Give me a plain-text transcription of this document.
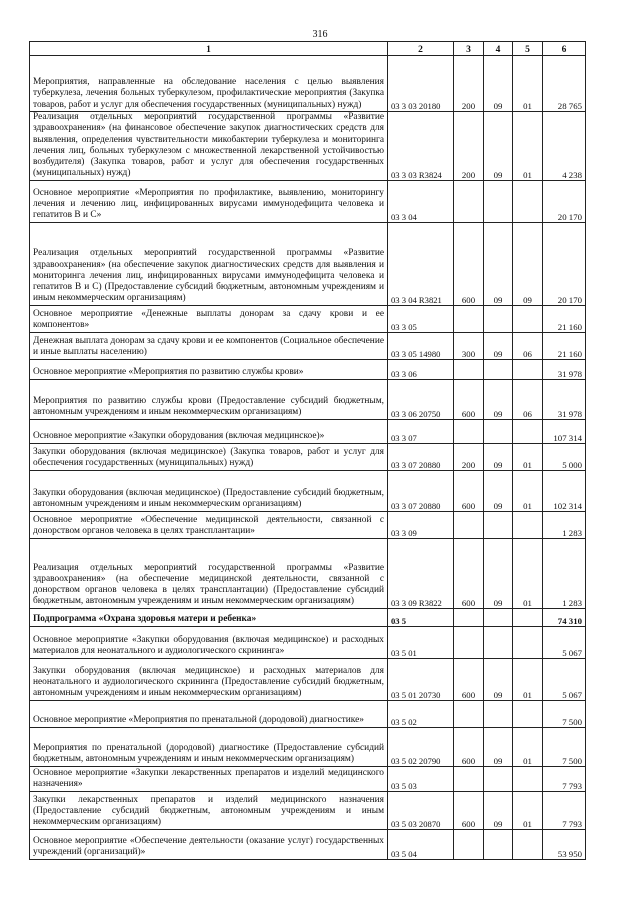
316
1	2	3	4	5	6
Мероприятия, направленные на обследование населения с целью выявления туберкулеза, лечения больных туберкулезом, профилактические мероприятия (Закупка товаров, работ и услуг для обеспечения государственных (муниципальных) нужд)	03 3 03 20180	200	09	01	28 765
Реализация отдельных мероприятий государственной программы «Развитие здравоохранения» (на финансовое обеспечение закупок диагностических средств для выявления, определения чувствительности микобактерии туберкулеза и мониторинга лечения лиц, больных туберкулезом с множественной лекарственной устойчивостью возбудителя) (Закупка товаров, работ и услуг для обеспечения государственных (муниципальных) нужд)	03 3 03 R3824	200	09	01	4 238
Основное мероприятие «Мероприятия по профилактике, выявлению, мониторингу лечения и лечению лиц, инфицированных вирусами иммунодефицита человека и гепатитов В и С»	03 3 04				20 170
Реализация отдельных мероприятий государственной программы «Развитие здравоохранения» (на обеспечение закупок диагностических средств для выявления и мониторинга лечения лиц, инфицированных вирусами иммунодефицита человека и гепатитов В и С) (Предоставление субсидий бюджетным, автономным учреждениям и иным некоммерческим организациям)	03 3 04 R3821	600	09	09	20 170
Основное мероприятие «Денежные выплаты донорам за сдачу крови и ее компонентов»	03 3 05				21 160
Денежная выплата донорам за сдачу крови и ее компонентов (Социальное обеспечение и иные выплаты населению)	03 3 05 14980	300	09	06	21 160
Основное мероприятие «Мероприятия по развитию службы крови»	03 3 06				31 978
Мероприятия по развитию службы крови (Предоставление субсидий бюджетным, автономным учреждениям и иным некоммерческим организациям)	03 3 06 20750	600	09	06	31 978
Основное мероприятие «Закупки оборудования (включая медицинское)»	03 3 07				107 314
Закупки оборудования (включая медицинское) (Закупка товаров, работ и услуг для обеспечения государственных (муниципальных) нужд)	03 3 07 20880	200	09	01	5 000
Закупки оборудования (включая медицинское) (Предоставление субсидий бюджетным, автономным учреждениям и иным некоммерческим организациям)	03 3 07 20880	600	09	01	102 314
Основное мероприятие «Обеспечение медицинской деятельности, связанной с донорством органов человека в целях трансплантации»	03 3 09				1 283
Реализация отдельных мероприятий государственной программы «Развитие здравоохранения» (на обеспечение медицинской деятельности, связанной с донорством органов человека в целях трансплантации) (Предоставление субсидий бюджетным, автономным учреждениям и иным некоммерческим организациям)	03 3 09 R3822	600	09	01	1 283
Подпрограмма «Охрана здоровья матери и ребенка»	03 5				74 310
Основное мероприятие «Закупки оборудования (включая медицинское) и расходных материалов для неонатального и аудиологического скрининга»	03 5 01				5 067
Закупки оборудования (включая медицинское) и расходных материалов для неонатального и аудиологического скрининга (Предоставление субсидий бюджетным, автономным учреждениям и иным некоммерческим организациям)	03 5 01 20730	600	09	01	5 067
Основное мероприятие «Мероприятия по пренатальной (дородовой) диагностике»	03 5 02				7 500
Мероприятия по пренатальной (дородовой) диагностике (Предоставление субсидий бюджетным, автономным учреждениям и иным некоммерческим организациям)	03 5 02 20790	600	09	01	7 500
Основное мероприятие «Закупки лекарственных препаратов и изделий медицинского назначения»	03 5 03				7 793
Закупки лекарственных препаратов и изделий медицинского назначения (Предоставление субсидий бюджетным, автономным учреждениям и иным некоммерческим организациям)	03 5 03 20870	600	09	01	7 793
Основное мероприятие «Обеспечение деятельности (оказание услуг) государственных учреждений (организаций)»	03 5 04				53 950
